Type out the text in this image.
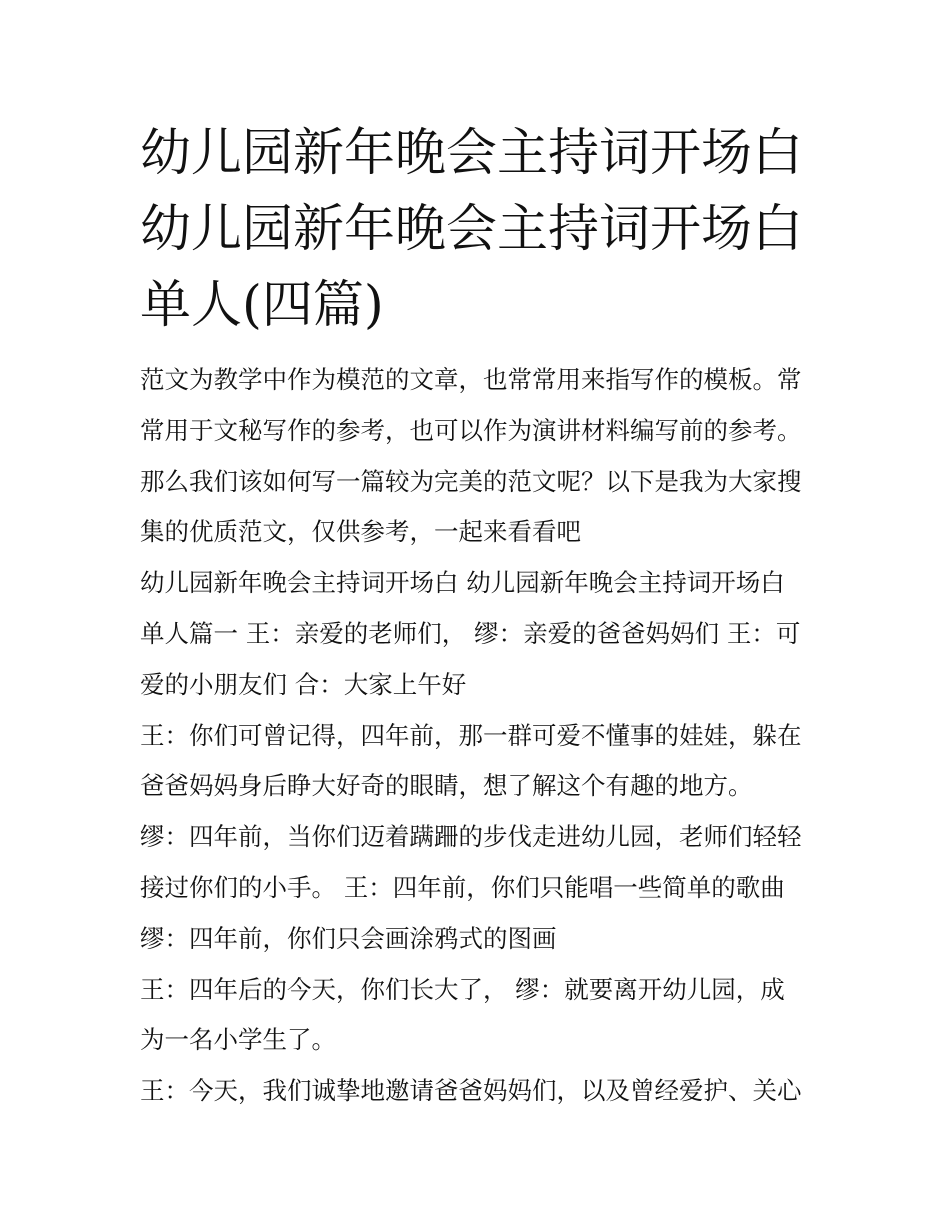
幼儿园新年晚会主持词开场白
幼儿园新年晚会主持词开场白
单人(四篇)
范文为教学中作为模范的文章，也常常用来指写作的模板。常
常用于文秘写作的参考，也可以作为演讲材料编写前的参考。
那么我们该如何写一篇较为完美的范文呢？以下是我为大家搜
集的优质范文，仅供参考，一起来看看吧
幼儿园新年晚会主持词开场白 幼儿园新年晚会主持词开场白
单人篇一 王：亲爱的老师们， 缪：亲爱的爸爸妈妈们 王：可
爱的小朋友们 合：大家上午好
王：你们可曾记得，四年前，那一群可爱不懂事的娃娃，躲在
爸爸妈妈身后睁大好奇的眼睛，想了解这个有趣的地方。
缪：四年前，当你们迈着蹒跚的步伐走进幼儿园，老师们轻轻
接过你们的小手。 王：四年前，你们只能唱一些简单的歌曲
缪：四年前，你们只会画涂鸦式的图画
王：四年后的今天，你们长大了， 缪：就要离开幼儿园，成
为一名小学生了。
王：今天，我们诚挚地邀请爸爸妈妈们，以及曾经爱护、关心
